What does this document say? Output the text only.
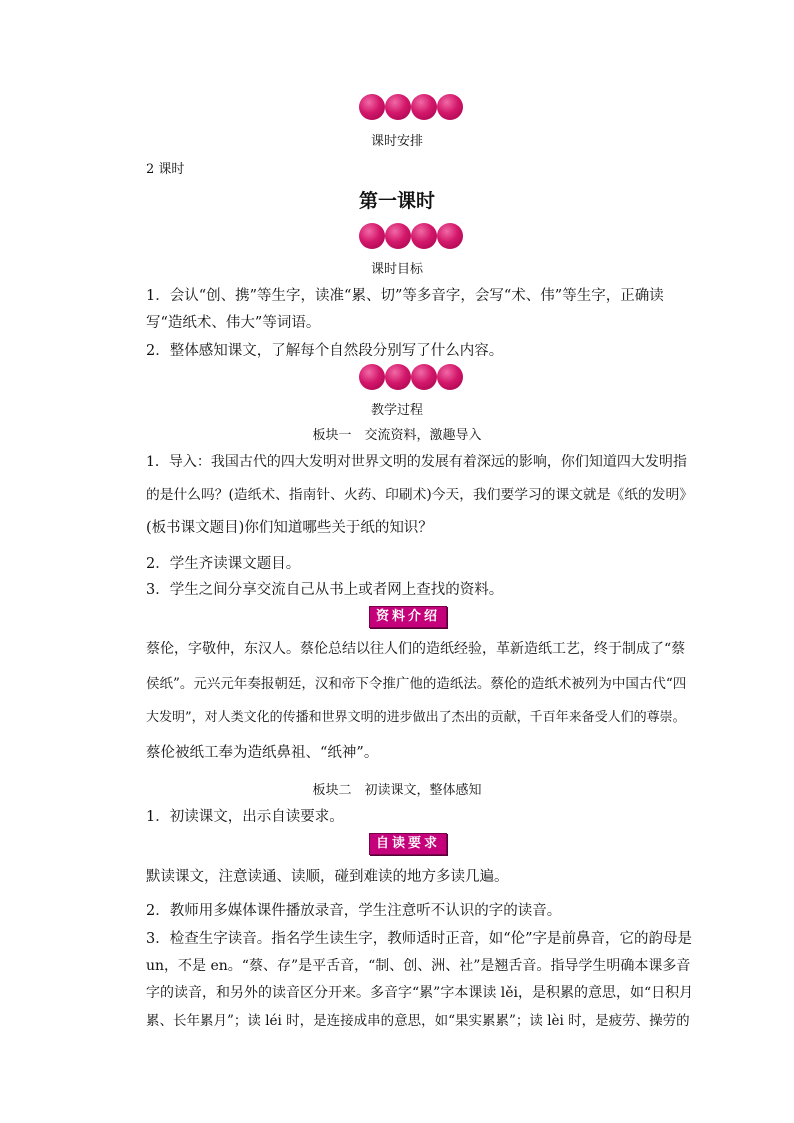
课时安排
2 课时
第一课时
课时目标
1．会认“创、携”等生字，读准“累、切”等多音字，会写“术、伟”等生字，正确读
写“造纸术、伟大”等词语。
2．整体感知课文，了解每个自然段分别写了什么内容。
教学过程
板块一　交流资料，激趣导入
1．导入：我国古代的四大发明对世界文明的发展有着深远的影响，你们知道四大发明指
的是什么吗？(造纸术、指南针、火药、印刷术)今天，我们要学习的课文就是《纸的发明》
(板书课文题目)你们知道哪些关于纸的知识？
2．学生齐读课文题目。
3．学生之间分享交流自己从书上或者网上查找的资料。
资料介绍
蔡伦，字敬仲，东汉人。蔡伦总结以往人们的造纸经验，革新造纸工艺，终于制成了“蔡
侯纸”。元兴元年奏报朝廷，汉和帝下令推广他的造纸法。蔡伦的造纸术被列为中国古代“四
大发明”，对人类文化的传播和世界文明的进步做出了杰出的贡献，千百年来备受人们的尊崇。
蔡伦被纸工奉为造纸鼻祖、“纸神”。
板块二　初读课文，整体感知
1．初读课文，出示自读要求。
自读要求
默读课文，注意读通、读顺，碰到难读的地方多读几遍。
2．教师用多媒体课件播放录音，学生注意听不认识的字的读音。
3．检查生字读音。指名学生读生字，教师适时正音，如“伦”字是前鼻音，它的韵母是
un，不是 en。“蔡、存”是平舌音，“制、创、洲、社”是翘舌音。指导学生明确本课多音
字的读音，和另外的读音区分开来。多音字“累”字本课读 lěi，是积累的意思，如“日积月
累、长年累月”；读 léi 时，是连接成串的意思，如“果实累累”；读 lèi 时，是疲劳、操劳的
